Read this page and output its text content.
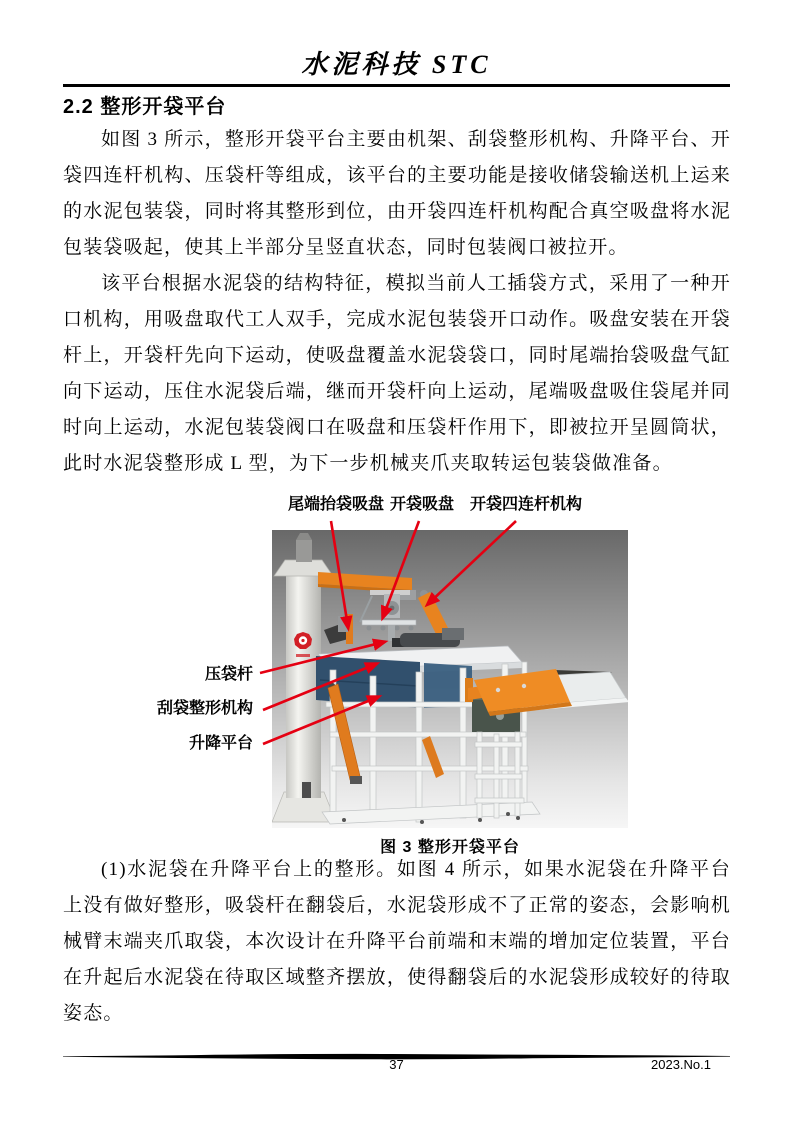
水泥科技 STC
2.2 整形开袋平台

如图 3 所示，整形开袋平台主要由机架、刮袋整形机构、升降平台、开袋四连杆机构、压袋杆等组成，该平台的主要功能是接收储袋输送机上运来的水泥包装袋，同时将其整形到位，由开袋四连杆机构配合真空吸盘将水泥包装袋吸起，使其上半部分呈竖直状态，同时包装阀口被拉开。

该平台根据水泥袋的结构特征，模拟当前人工插袋方式，采用了一种开口机构，用吸盘取代工人双手，完成水泥包装袋开口动作。吸盘安装在开袋杆上，开袋杆先向下运动，使吸盘覆盖水泥袋袋口，同时尾端抬袋吸盘气缸向下运动，压住水泥袋后端，继而开袋杆向上运动，尾端吸盘吸住袋尾并同时向上运动，水泥包装袋阀口在吸盘和压袋杆作用下，即被拉开呈圆筒状，此时水泥袋整形成 L 型，为下一步机械夹爪夹取转运包装袋做准备。

尾端抬袋吸盘 开袋吸盘 开袋四连杆机构
压袋杆
刮袋整形机构
升降平台
图 3 整形开袋平台

(1)水泥袋在升降平台上的整形。如图 4 所示，如果水泥袋在升降平台上没有做好整形，吸袋杆在翻袋后，水泥袋形成不了正常的姿态，会影响机械臂末端夹爪取袋，本次设计在升降平台前端和末端的增加定位装置，平台在升起后水泥袋在待取区域整齐摆放，使得翻袋后的水泥袋形成较好的待取姿态。

37	2023.No.1
